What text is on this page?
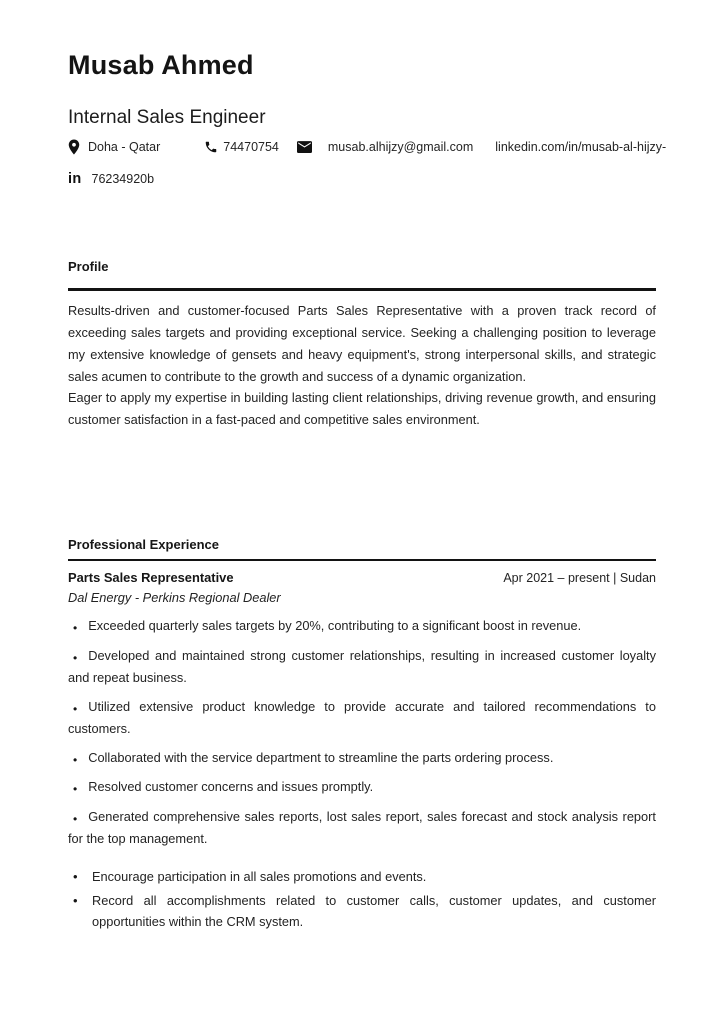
Musab Ahmed
Internal Sales Engineer
Doha - Qatar	74470754	musab.alhijzy@gmail.com linkedin.com/in/musab-al-hijzy-
in 76234920b
Profile
Results-driven and customer-focused Parts Sales Representative with a proven track record of exceeding sales targets and providing exceptional service. Seeking a challenging position to leverage my extensive knowledge of gensets and heavy equipment's, strong interpersonal skills, and strategic sales acumen to contribute to the growth and success of a dynamic organization.
Eager to apply my expertise in building lasting client relationships, driving revenue growth, and ensuring customer satisfaction in a fast-paced and competitive sales environment.
Professional Experience
Parts Sales Representative	Apr 2021 – present | Sudan
Dal Energy - Perkins Regional Dealer
• Exceeded quarterly sales targets by 20%, contributing to a significant boost in revenue.
• Developed and maintained strong customer relationships, resulting in increased customer loyalty and repeat business.
• Utilized extensive product knowledge to provide accurate and tailored recommendations to customers.
• Collaborated with the service department to streamline the parts ordering process.
• Resolved customer concerns and issues promptly.
• Generated comprehensive sales reports, lost sales report, sales forecast and stock analysis report for the top management.
•	Encourage participation in all sales promotions and events.
•	Record all accomplishments related to customer calls, customer updates, and customer opportunities within the CRM system.
